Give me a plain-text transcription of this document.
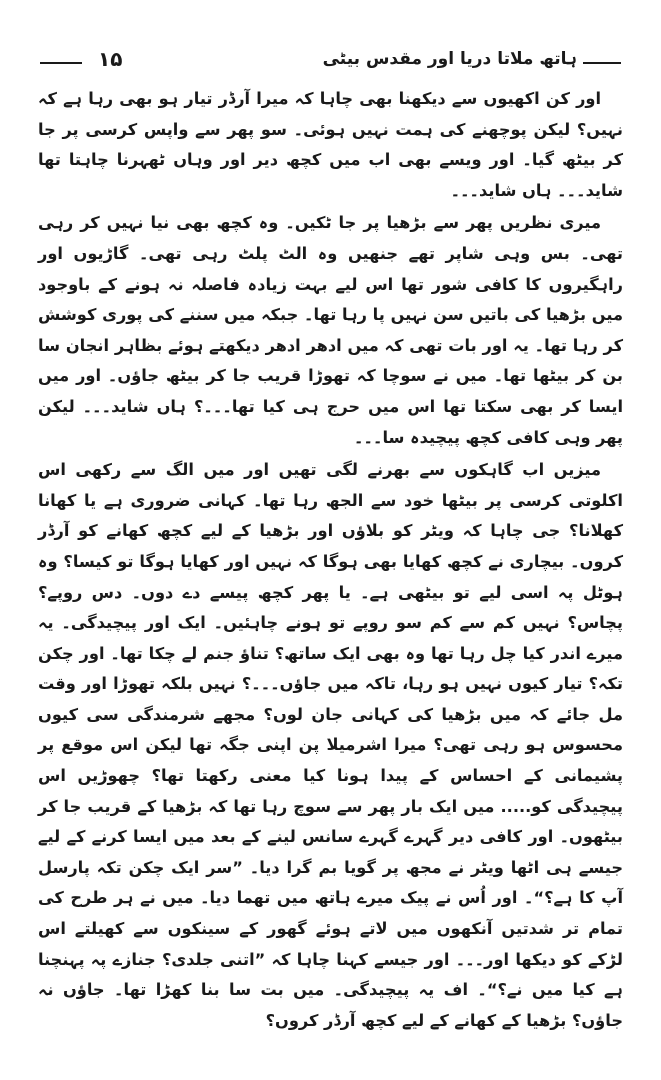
۱۵	ہاتھ ملاتا دریا اور مقدس بیٹی

اور کن اکھیوں سے دیکھنا بھی چاہا کہ میرا آرڈر تیار ہو بھی رہا ہے کہ نہیں؟ لیکن پوچھنے کی ہمت نہیں ہوئی۔ سو پھر سے واپس کرسی پر جا کر بیٹھ گیا۔ اور ویسے بھی اب میں کچھ دیر اور وہاں ٹھہرنا چاہتا تھا شاید۔۔۔ ہاں شاید۔۔۔

میری نظریں پھر سے بڑھیا پر جا ٹکیں۔ وہ کچھ بھی نیا نہیں کر رہی تھی۔ بس وہی شاپر تھے جنھیں وہ الٹ پلٹ رہی تھی۔ گاڑیوں اور راہگیروں کا کافی شور تھا اس لیے بہت زیادہ فاصلہ نہ ہونے کے باوجود میں بڑھیا کی باتیں سن نہیں پا رہا تھا۔ جبکہ میں سننے کی پوری کوشش کر رہا تھا۔ یہ اور بات تھی کہ میں ادھر ادھر دیکھتے ہوئے بظاہر انجان سا بن کر بیٹھا تھا۔ میں نے سوچا کہ تھوڑا قریب جا کر بیٹھ جاؤں۔ اور میں ایسا کر بھی سکتا تھا اس میں حرج ہی کیا تھا۔۔۔؟ ہاں شاید۔۔۔ لیکن پھر وہی کافی کچھ پیچیدہ سا۔۔۔

میزیں اب گاہکوں سے بھرنے لگی تھیں اور میں الگ سے رکھی اس اکلوتی کرسی پر بیٹھا خود سے الجھ رہا تھا۔ کہانی ضروری ہے یا کھانا کھلانا؟ جی چاہا کہ ویٹر کو بلاؤں اور بڑھیا کے لیے کچھ کھانے کو آرڈر کروں۔ بیچاری نے کچھ کھایا بھی ہوگا کہ نہیں اور کھایا ہوگا تو کیسا؟ وہ ہوٹل پہ اسی لیے تو بیٹھی ہے۔ یا پھر کچھ پیسے دے دوں۔ دس روپے؟ پچاس؟ نہیں کم سے کم سو روپے تو ہونے چاہئیں۔ ایک اور پیچیدگی۔ یہ میرے اندر کیا چل رہا تھا وہ بھی ایک ساتھ؟ تناؤ جنم لے چکا تھا۔ اور چکن تکہ؟ تیار کیوں نہیں ہو رہا، تاکہ میں جاؤں۔۔۔؟ نہیں بلکہ تھوڑا اور وقت مل جائے کہ میں بڑھیا کی کہانی جان لوں؟ مجھے شرمندگی سی کیوں محسوس ہو رہی تھی؟ میرا اشرمیلا پن اپنی جگہ تھا لیکن اس موقع پر پشیمانی کے احساس کے پیدا ہونا کیا معنی رکھتا تھا؟ چھوڑیں اس پیچیدگی کو..... میں ایک بار پھر سے سوچ رہا تھا کہ بڑھیا کے قریب جا کر بیٹھوں۔ اور کافی دیر گہرے گہرے سانس لینے کے بعد میں ایسا کرنے کے لیے جیسے ہی اٹھا ویٹر نے مجھ پر گویا بم گرا دیا۔ ”سر ایک چکن تکہ پارسل آپ کا ہے؟“۔ اور اُس نے پیک میرے ہاتھ میں تھما دیا۔ میں نے ہر طرح کی تمام تر شدتیں آنکھوں میں لاتے ہوئے گھور کے سینکوں سے کھیلتے اس لڑکے کو دیکھا اور۔۔۔ اور جیسے کہنا چاہا کہ ”اتنی جلدی؟ جنازے پہ پہنچنا ہے کیا میں نے؟“۔ اف یہ پیچیدگی۔ میں بت سا بنا کھڑا تھا۔ جاؤں نہ جاؤں؟ بڑھیا کے کھانے کے لیے کچھ آرڈر کروں؟
